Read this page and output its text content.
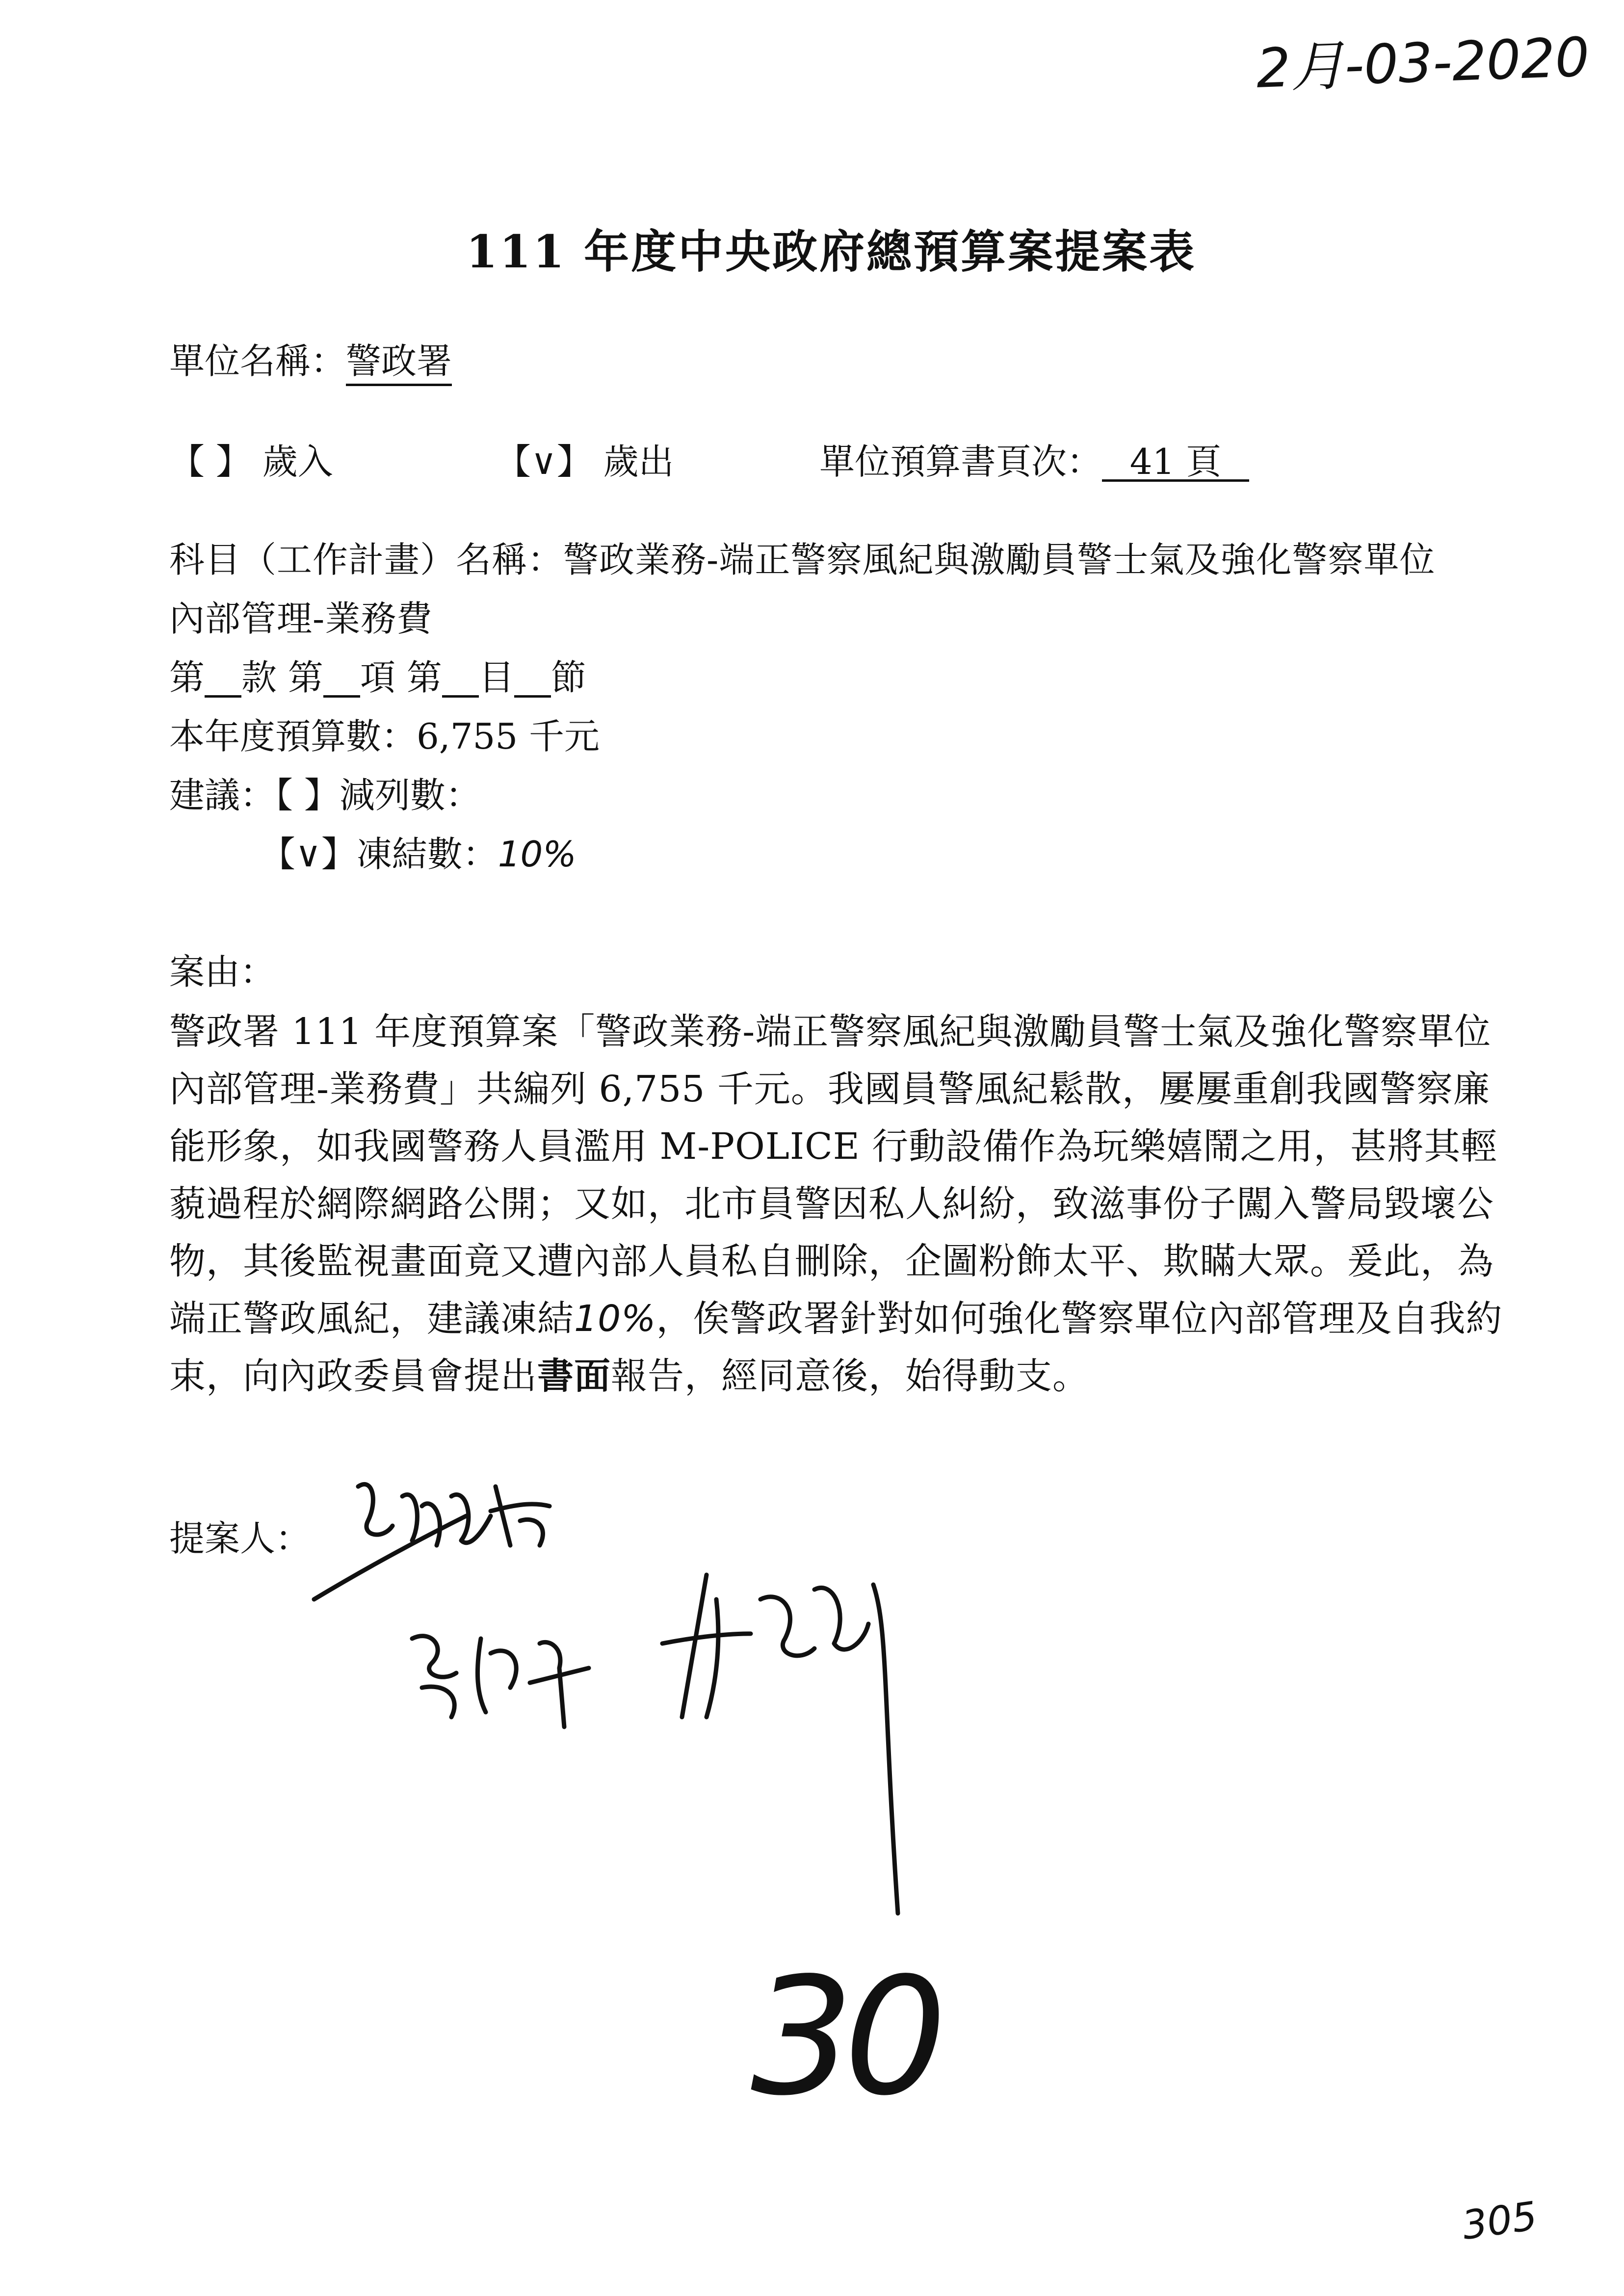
2月-03-2020
111 年度中央政府總預算案提案表
單位名稱：警政署
【 】 歲入	【∨】 歲出	單位預算書頁次： 41 頁
科目（工作計畫）名稱：警政業務-端正警察風紀與激勵員警士氣及強化警察單位
內部管理-業務費
第 款 第 項 第 目 節
本年度預算數：6,755 千元
建議：【 】減列數：
【∨】凍結數：10%
案由：
警政署 111 年度預算案「警政業務-端正警察風紀與激勵員警士氣及強化警察單位內部管理-業務費」共編列 6,755 千元。我國員警風紀鬆散，屢屢重創我國警察廉能形象，如我國警務人員濫用 M-POLICE 行動設備作為玩樂嬉鬧之用，甚將其輕藐過程於網際網路公開；又如，北市員警因私人糾紛，致滋事份子闖入警局毀壞公物，其後監視畫面竟又遭內部人員私自刪除，企圖粉飾太平、欺瞞大眾。爰此，為端正警政風紀，建議凍結10%，俟警政署針對如何強化警察單位內部管理及自我約束，向內政委員會提出書面報告，經同意後，始得動支。
提案人：
30
305
